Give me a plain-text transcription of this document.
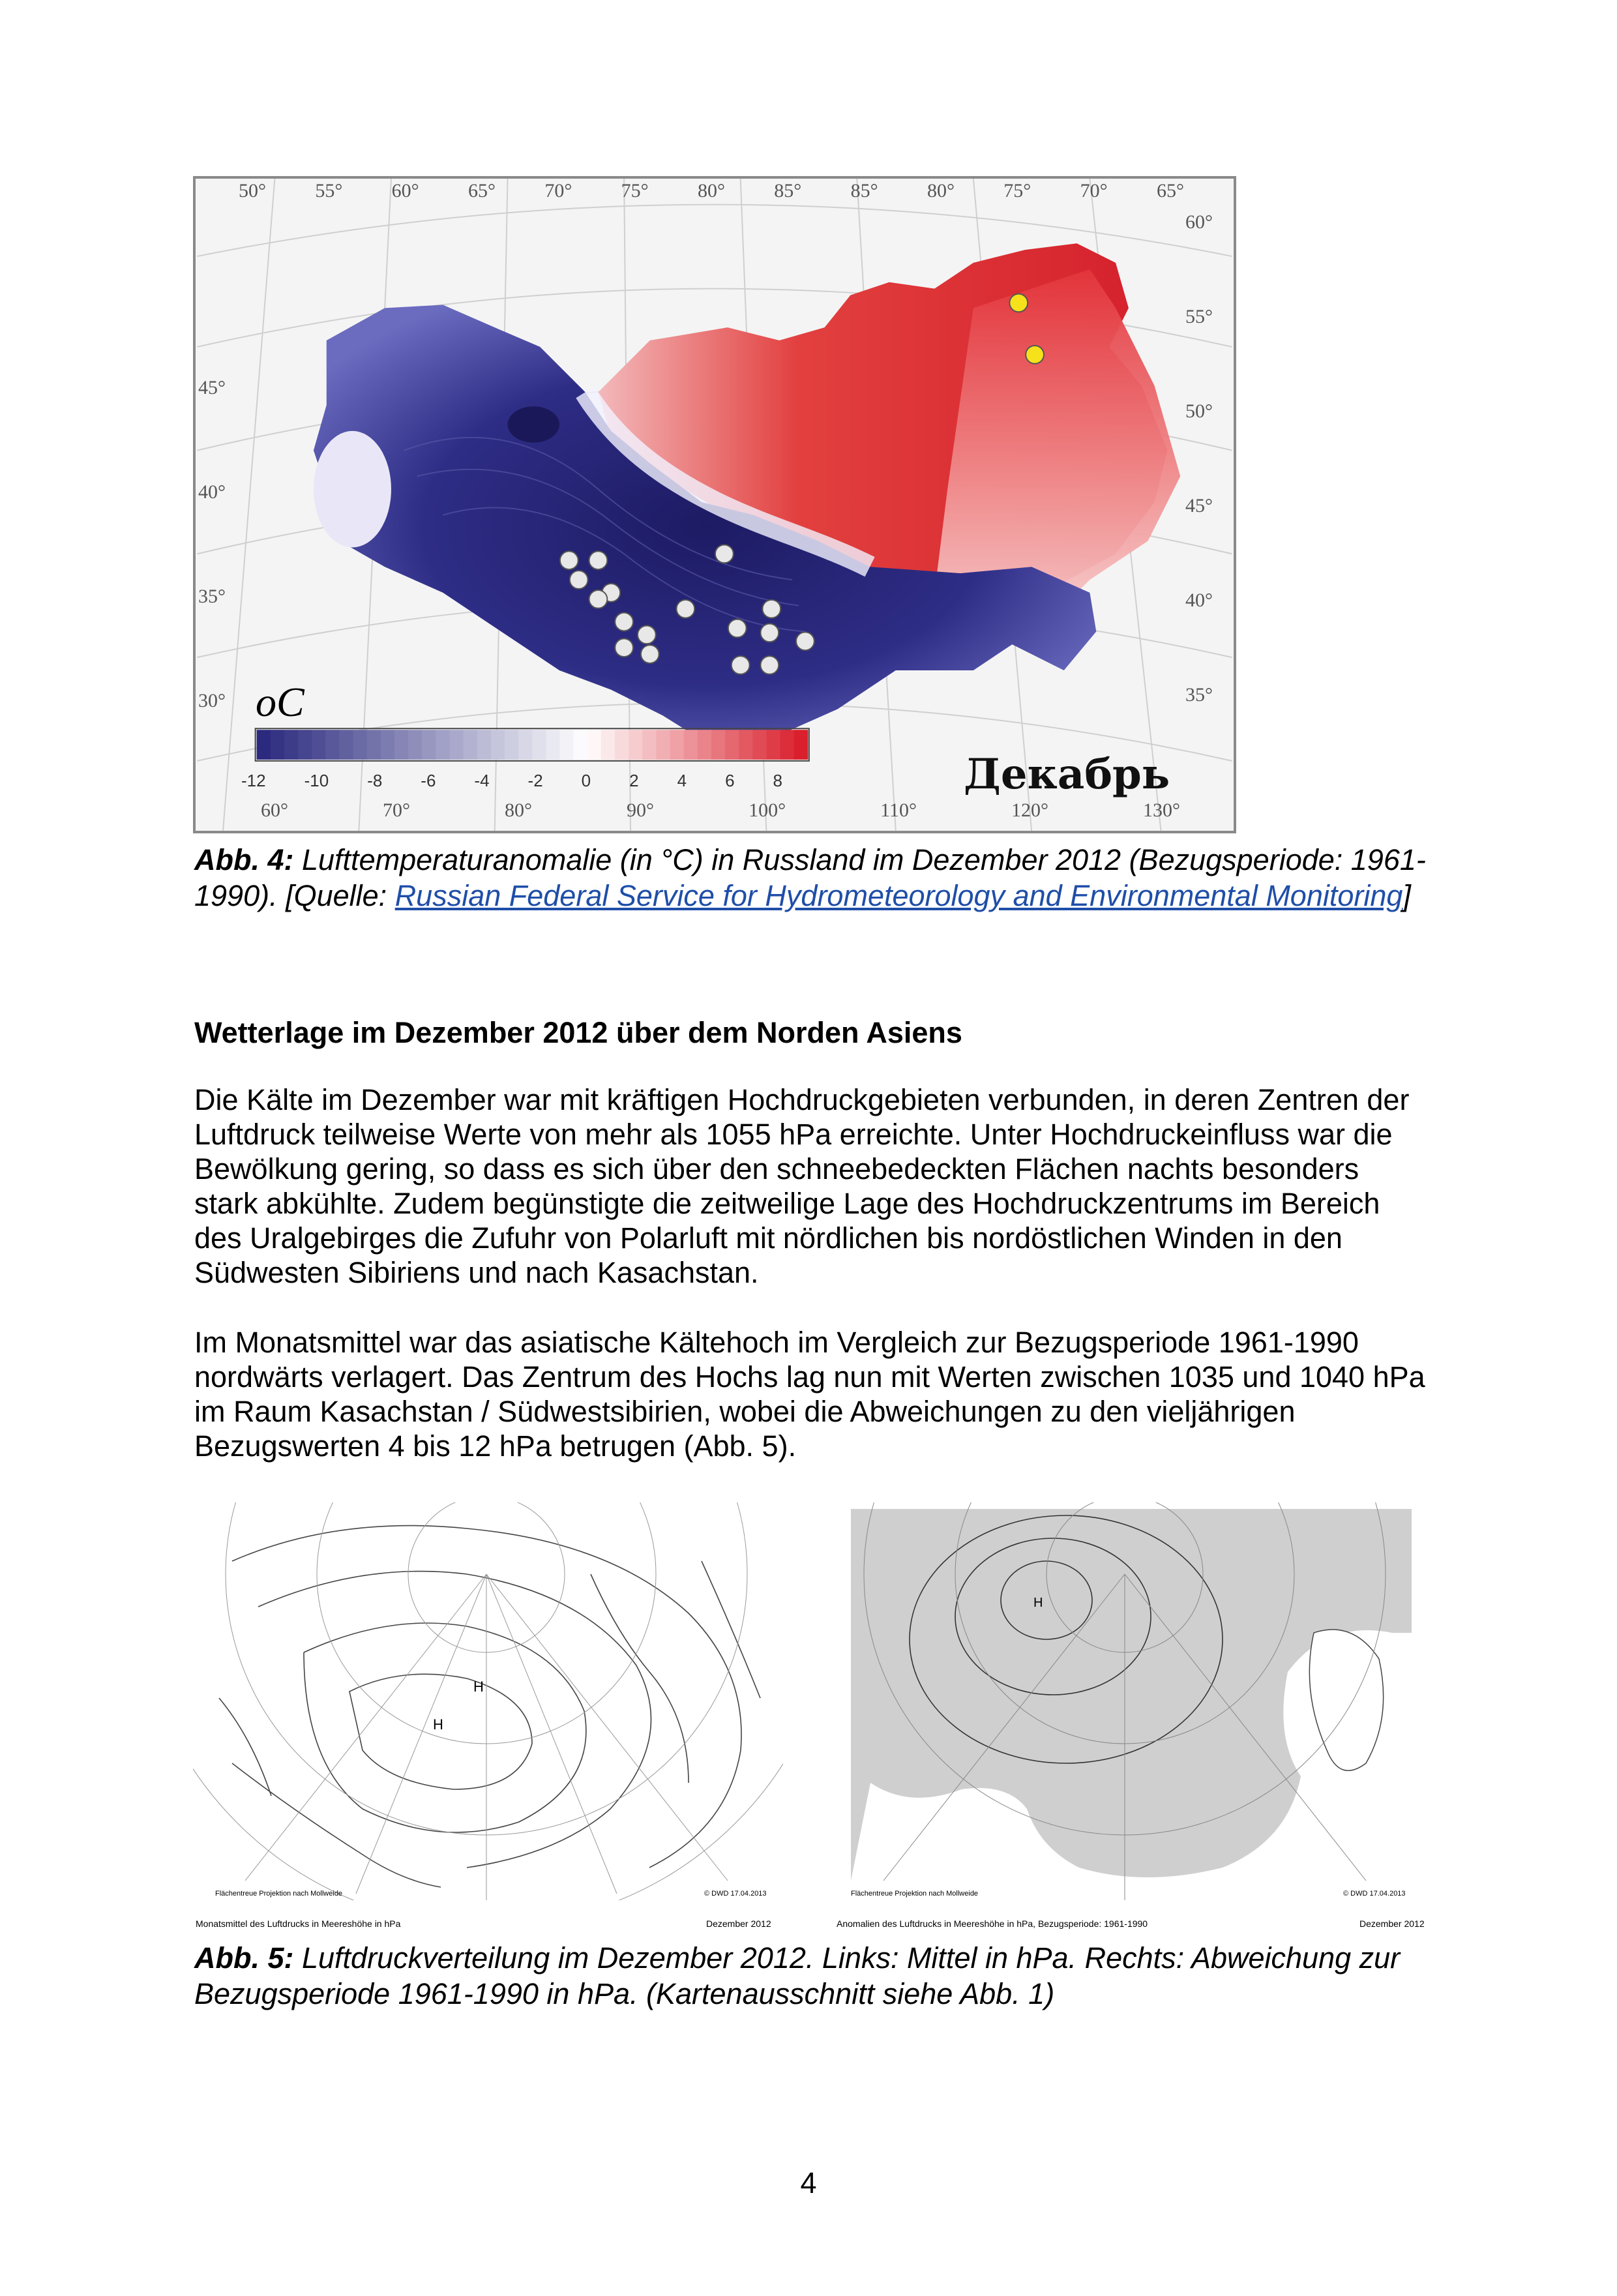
50°	55°	60°	65°	70°	75°	80°	85°	85°	80°	75°	70°	65°
60°	70°	80°	90°	100°	110°	120°	130°
45°
40°
35°
30°
60°
55°
50°
45°
40°
35°
oC
-12 -10 -8 -6 -4 -2 0 2 4 6 8	Декабрь
Abb. 4: Lufttemperaturanomalie (in °C) in Russland im Dezember 2012 (Bezugsperiode: 1961-1990). [Quelle: Russian Federal Service for Hydrometeorology and Environmental Monitoring]
Wetterlage im Dezember 2012 über dem Norden Asiens

Die Kälte im Dezember war mit kräftigen Hochdruckgebieten verbunden, in deren Zentren der Luftdruck teilweise Werte von mehr als 1055 hPa erreichte. Unter Hochdruckeinfluss war die Bewölkung gering, so dass es sich über den schneebedeckten Flächen nachts besonders stark abkühlte. Zudem begünstigte die zeitweilige Lage des Hochdruckzentrums im Bereich des Uralgebirges die Zufuhr von Polarluft mit nördlichen bis nordöstlichen Winden in den Südwesten Sibiriens und nach Kasachstan.

Im Monatsmittel war das asiatische Kältehoch im Vergleich zur Bezugsperiode 1961-1990 nordwärts verlagert. Das Zentrum des Hochs lag nun mit Werten zwischen 1035 und 1040 hPa im Raum Kasachstan / Südwestsibirien, wobei die Abweichungen zu den vieljährigen Bezugswerten 4 bis 12 hPa betrugen (Abb. 5).

H
H
Flächentreue Projektion nach Mollweide	© DWD 17.04.2013
Monatsmittel des Luftdrucks in Meereshöhe in hPa	Dezember 2012
H
Flächentreue Projektion nach Mollweide	© DWD 17.04.2013
Anomalien des Luftdrucks in Meereshöhe in hPa, Bezugsperiode: 1961-1990	Dezember 2012
Abb. 5: Luftdruckverteilung im Dezember 2012. Links: Mittel in hPa. Rechts: Abweichung zur Bezugsperiode 1961-1990 in hPa. (Kartenausschnitt siehe Abb. 1)
4
